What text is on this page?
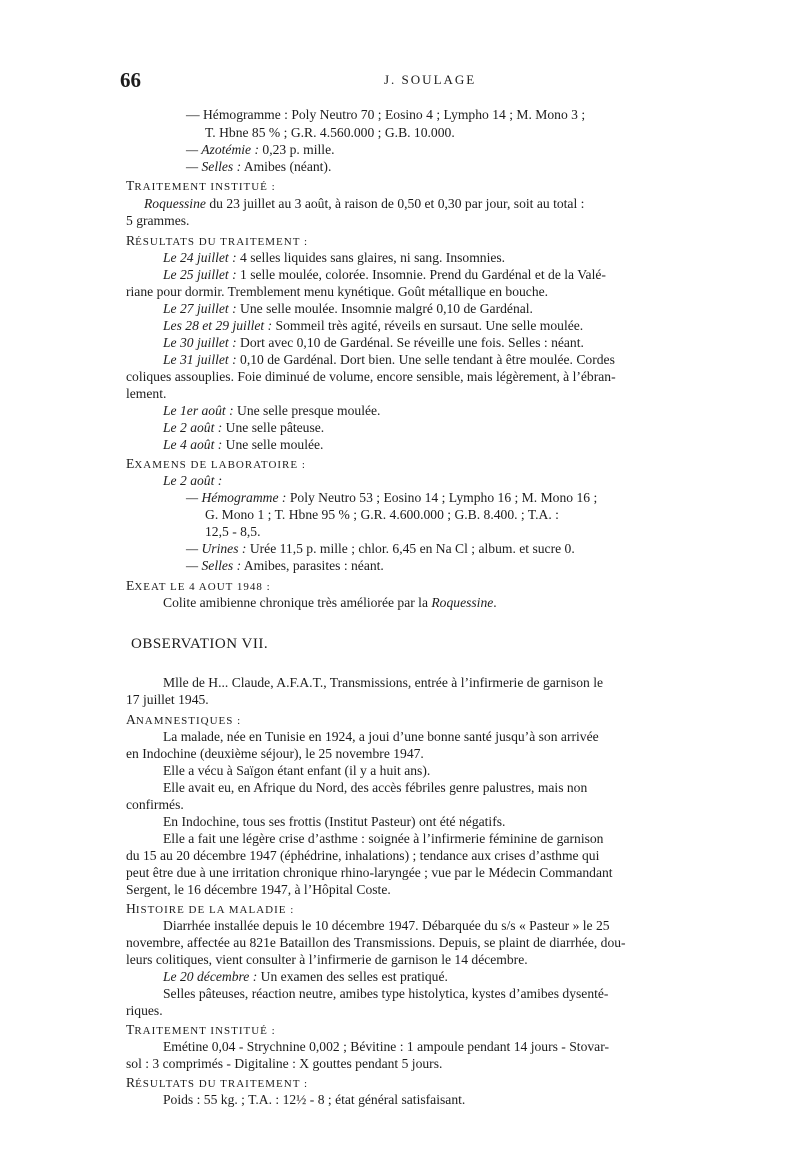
66	J. SOULAGE
— Hémogramme : Poly Neutro 70 ; Eosino 4 ; Lympho 14 ; M. Mono 3 ;
T. Hbne 85 % ; G.R. 4.560.000 ; G.B. 10.000.
— Azotémie : 0,23 p. mille.
— Selles : Amibes (néant).
TRAITEMENT INSTITUÉ :
Roquessine du 23 juillet au 3 août, à raison de 0,50 et 0,30 par jour, soit au total :
5 grammes.
RÉSULTATS DU TRAITEMENT :
Le 24 juillet : 4 selles liquides sans glaires, ni sang. Insomnies.
Le 25 juillet : 1 selle moulée, colorée. Insomnie. Prend du Gardénal et de la Valé-
riane pour dormir. Tremblement menu kynétique. Goût métallique en bouche.
Le 27 juillet : Une selle moulée. Insomnie malgré 0,10 de Gardénal.
Les 28 et 29 juillet : Sommeil très agité, réveils en sursaut. Une selle moulée.
Le 30 juillet : Dort avec 0,10 de Gardénal. Se réveille une fois. Selles : néant.
Le 31 juillet : 0,10 de Gardénal. Dort bien. Une selle tendant à être moulée. Cordes
coliques assouplies. Foie diminué de volume, encore sensible, mais légèrement, à l’ébran-
lement.
Le 1er août : Une selle presque moulée.
Le 2 août : Une selle pâteuse.
Le 4 août : Une selle moulée.
EXAMENS DE LABORATOIRE :
Le 2 août :
— Hémogramme : Poly Neutro 53 ; Eosino 14 ; Lympho 16 ; M. Mono 16 ;
G. Mono 1 ; T. Hbne 95 % ; G.R. 4.600.000 ; G.B. 8.400. ; T.A. :
12,5 - 8,5.
— Urines : Urée 11,5 p. mille ; chlor. 6,45 en Na Cl ; album. et sucre 0.
— Selles : Amibes, parasites : néant.
EXEAT LE 4 AOUT 1948 :
Colite amibienne chronique très améliorée par la Roquessine.
OBSERVATION VII.
Mlle de H... Claude, A.F.A.T., Transmissions, entrée à l’infirmerie de garnison le
17 juillet 1945.
ANAMNESTIQUES :
La malade, née en Tunisie en 1924, a joui d’une bonne santé jusqu’à son arrivée
en Indochine (deuxième séjour), le 25 novembre 1947.
Elle a vécu à Saïgon étant enfant (il y a huit ans).
Elle avait eu, en Afrique du Nord, des accès fébriles genre palustres, mais non
confirmés.
En Indochine, tous ses frottis (Institut Pasteur) ont été négatifs.
Elle a fait une légère crise d’asthme : soignée à l’infirmerie féminine de garnison
du 15 au 20 décembre 1947 (éphédrine, inhalations) ; tendance aux crises d’asthme qui
peut être due à une irritation chronique rhino-laryngée ; vue par le Médecin Commandant
Sergent, le 16 décembre 1947, à l’Hôpital Coste.
HISTOIRE DE LA MALADIE :
Diarrhée installée depuis le 10 décembre 1947. Débarquée du s/s « Pasteur » le 25
novembre, affectée au 821e Bataillon des Transmissions. Depuis, se plaint de diarrhée, dou-
leurs colitiques, vient consulter à l’infirmerie de garnison le 14 décembre.
Le 20 décembre : Un examen des selles est pratiqué.
Selles pâteuses, réaction neutre, amibes type histolytica, kystes d’amibes dysenté-
riques.
TRAITEMENT INSTITUÉ :
Emétine 0,04 - Strychnine 0,002 ; Bévitine : 1 ampoule pendant 14 jours - Stovar-
sol : 3 comprimés - Digitaline : X gouttes pendant 5 jours.
RÉSULTATS DU TRAITEMENT :
Poids : 55 kg. ; T.A. : 12½ - 8 ; état général satisfaisant.
